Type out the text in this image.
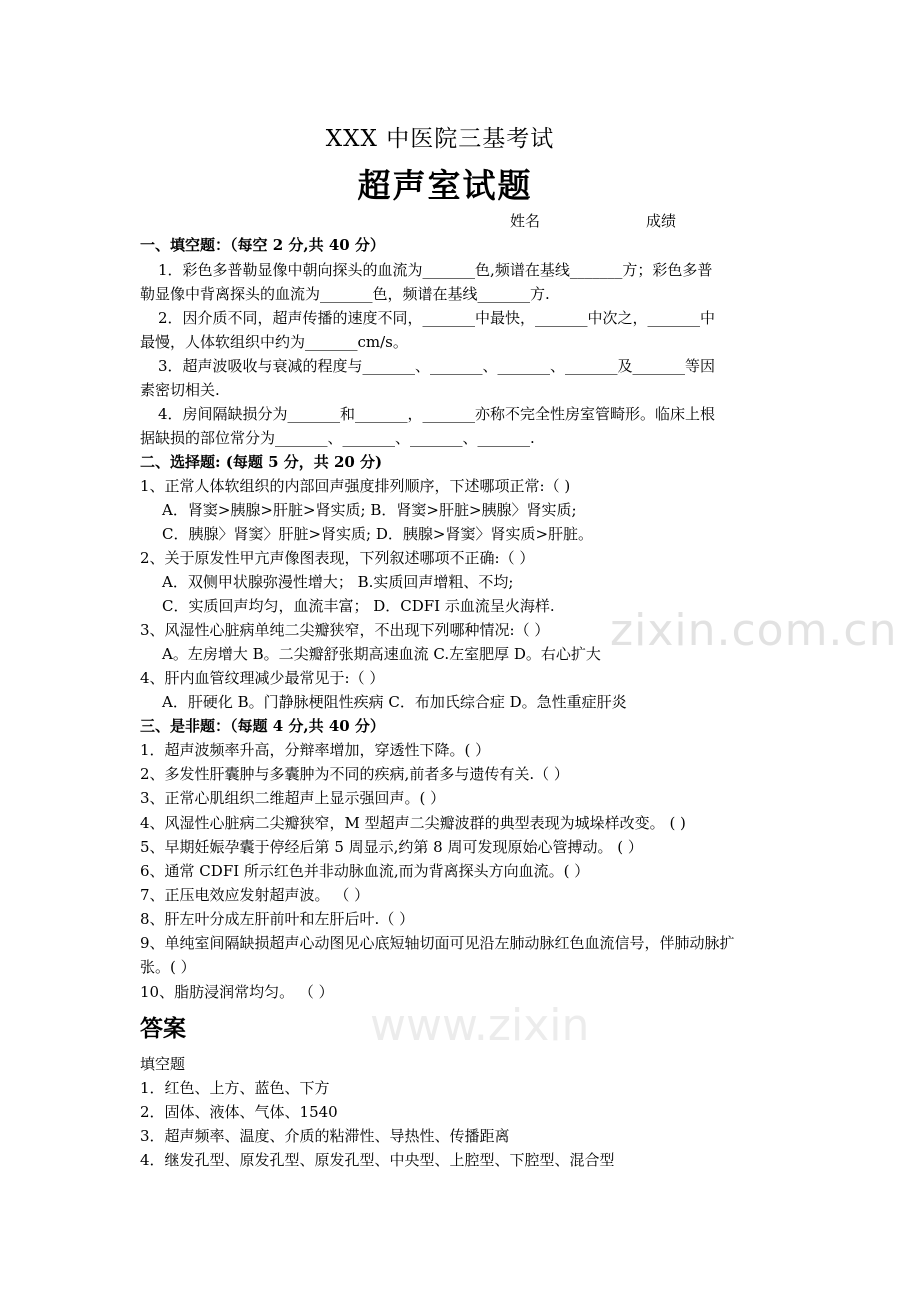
zixin.com.cn
www.zixin
XXX 中医院三基考试
超声室试题
姓名	成绩
一、填空题：（每空 2 分,共 40 分）
1．彩色多普勒显像中朝向探头的血流为_______色,频谱在基线_______方；彩色多普
勒显像中背离探头的血流为_______色，频谱在基线_______方.
2．因介质不同，超声传播的速度不同，_______中最快，_______中次之，_______中
最慢，人体软组织中约为_______cm/s。
3．超声波吸收与衰减的程度与_______、_______、_______、_______及_______等因
素密切相关.
4．房间隔缺损分为_______和_______，_______亦称不完全性房室管畸形。临床上根
据缺损的部位常分为_______、_______、_______、_______.
二、选择题: (每题 5 分，共 20 分)
1、正常人体软组织的内部回声强度排列顺序，下述哪项正常:（ )
A．肾窦>胰腺>肝脏>肾实质; B．肾窦>肝脏>胰腺〉肾实质;
C．胰腺〉肾窦〉肝脏>肾实质; D．胰腺>肾窦〉肾实质>肝脏。
2、关于原发性甲亢声像图表现，下列叙述哪项不正确:（ ）
A．双侧甲状腺弥漫性增大； B.实质回声增粗、不均;
C．实质回声均匀，血流丰富； D．CDFI 示血流呈火海样.
3、风湿性心脏病单纯二尖瓣狭窄，不出现下列哪种情况:（ ）
A。左房增大 B。二尖瓣舒张期高速血流 C.左室肥厚 D。右心扩大
4、肝内血管纹理减少最常见于:（ ）
A．肝硬化 B。门静脉梗阻性疾病 C．布加氏综合症 D。急性重症肝炎
三、是非题：（每题 4 分,共 40 分）
1．超声波频率升高，分辩率增加，穿透性下降。( ）
2、多发性肝囊肿与多囊肿为不同的疾病,前者多与遗传有关.（ ）
3、正常心肌组织二维超声上显示强回声。( ）
4、风湿性心脏病二尖瓣狭窄，M 型超声二尖瓣波群的典型表现为城垛样改变。 ( )
5、早期妊娠孕囊于停经后第 5 周显示,约第 8 周可发现原始心管搏动。 ( ）
6、通常 CDFI 所示红色并非动脉血流,而为背离探头方向血流。( ）
7、正压电效应发射超声波。 （ ）
8、肝左叶分成左肝前叶和左肝后叶.（ ）
9、单纯室间隔缺损超声心动图见心底短轴切面可见沿左肺动脉红色血流信号，伴肺动脉扩
张。( ）
10、脂肪浸润常均匀。 （ ）
答案
填空题
1．红色、上方、蓝色、下方
2．固体、液体、气体、1540
3．超声频率、温度、介质的粘滞性、导热性、传播距离
4．继发孔型、原发孔型、原发孔型、中央型、上腔型、下腔型、混合型
